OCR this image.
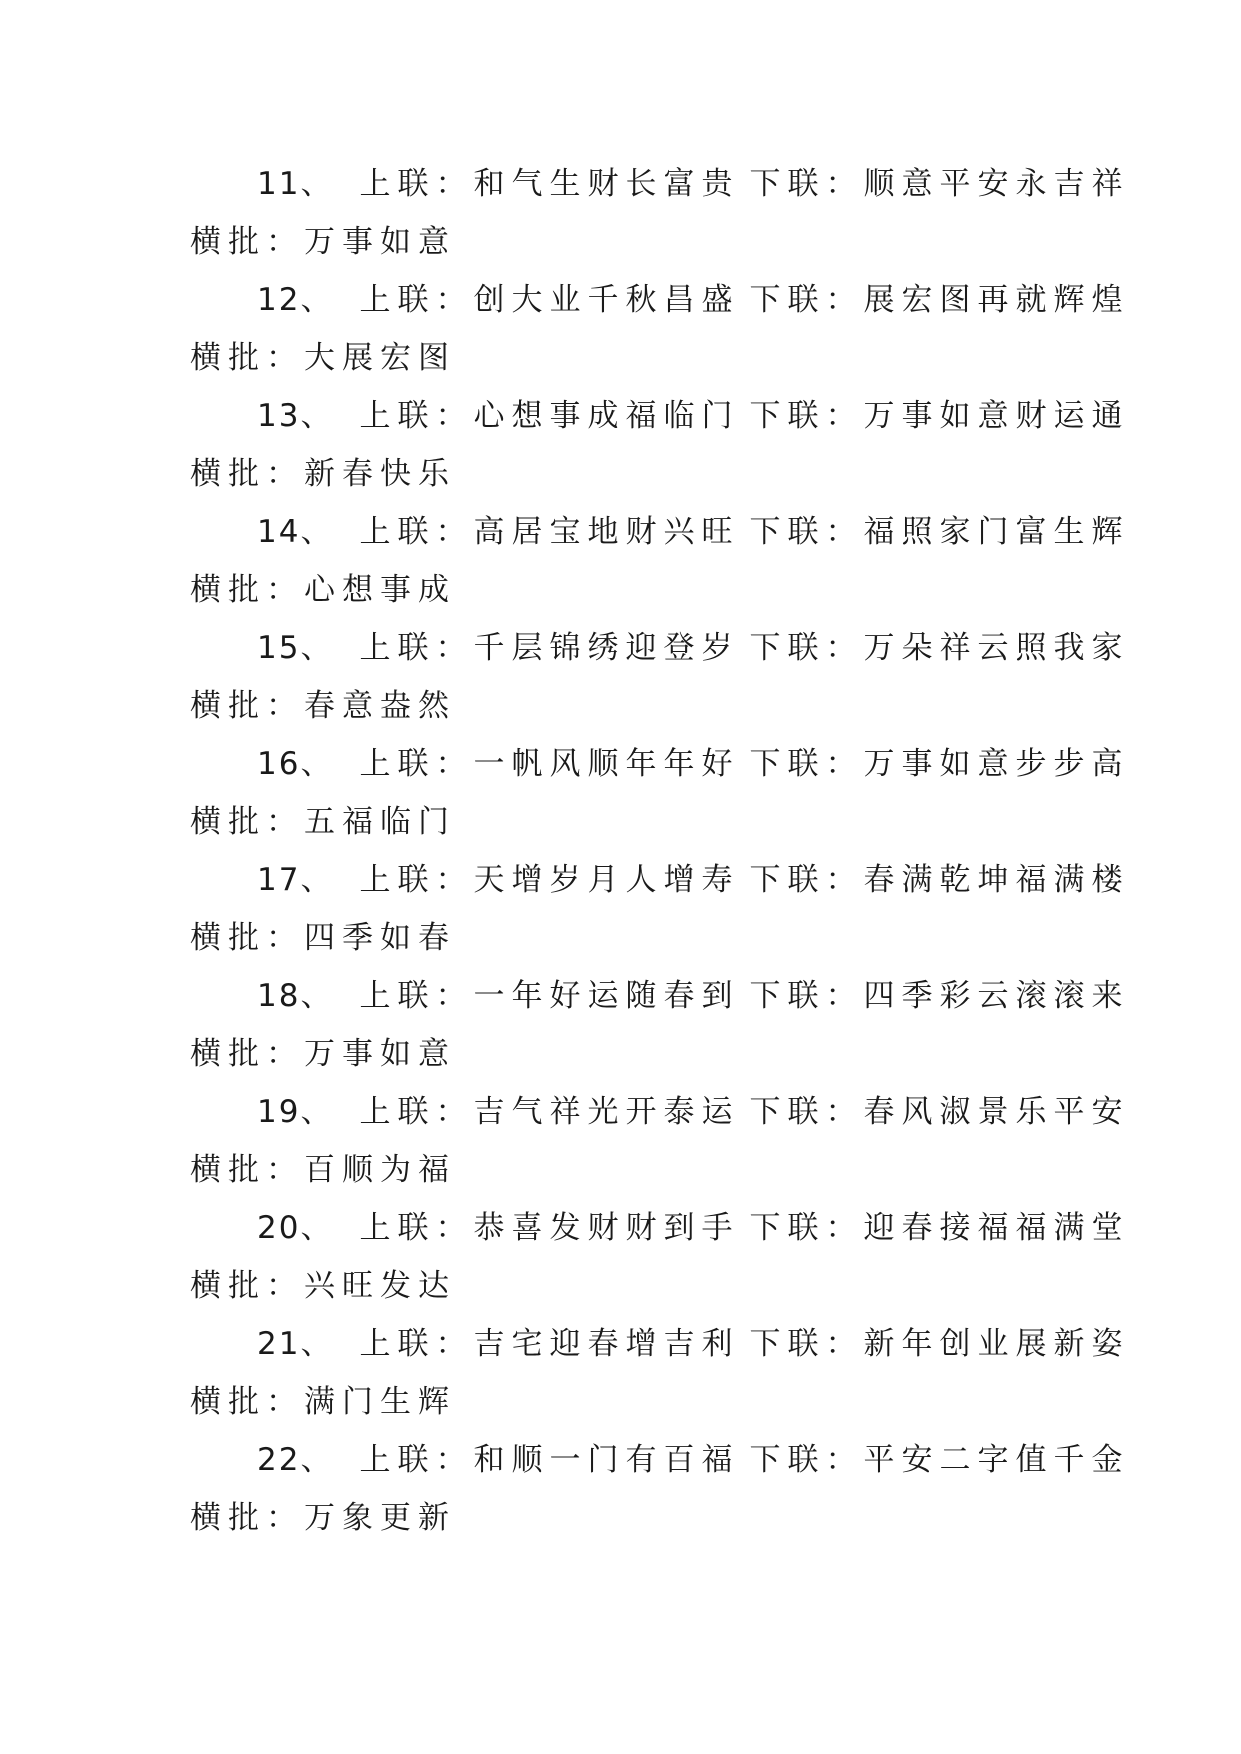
11、 上联：和气生财长富贵 下联：顺意平安永吉祥
横批：万事如意
12、 上联：创大业千秋昌盛 下联：展宏图再就辉煌
横批：大展宏图
13、 上联：心想事成福临门 下联：万事如意财运通
横批：新春快乐
14、 上联：高居宝地财兴旺 下联：福照家门富生辉
横批：心想事成
15、 上联：千层锦绣迎登岁 下联：万朵祥云照我家
横批：春意盎然
16、 上联：一帆风顺年年好 下联：万事如意步步高
横批：五福临门
17、 上联：天增岁月人增寿 下联：春满乾坤福满楼
横批：四季如春
18、 上联：一年好运随春到 下联：四季彩云滚滚来
横批：万事如意
19、 上联：吉气祥光开泰运 下联：春风淑景乐平安
横批：百顺为福
20、 上联：恭喜发财财到手 下联：迎春接福福满堂
横批：兴旺发达
21、 上联：吉宅迎春增吉利 下联：新年创业展新姿
横批：满门生辉
22、 上联：和顺一门有百福 下联：平安二字值千金
横批：万象更新
